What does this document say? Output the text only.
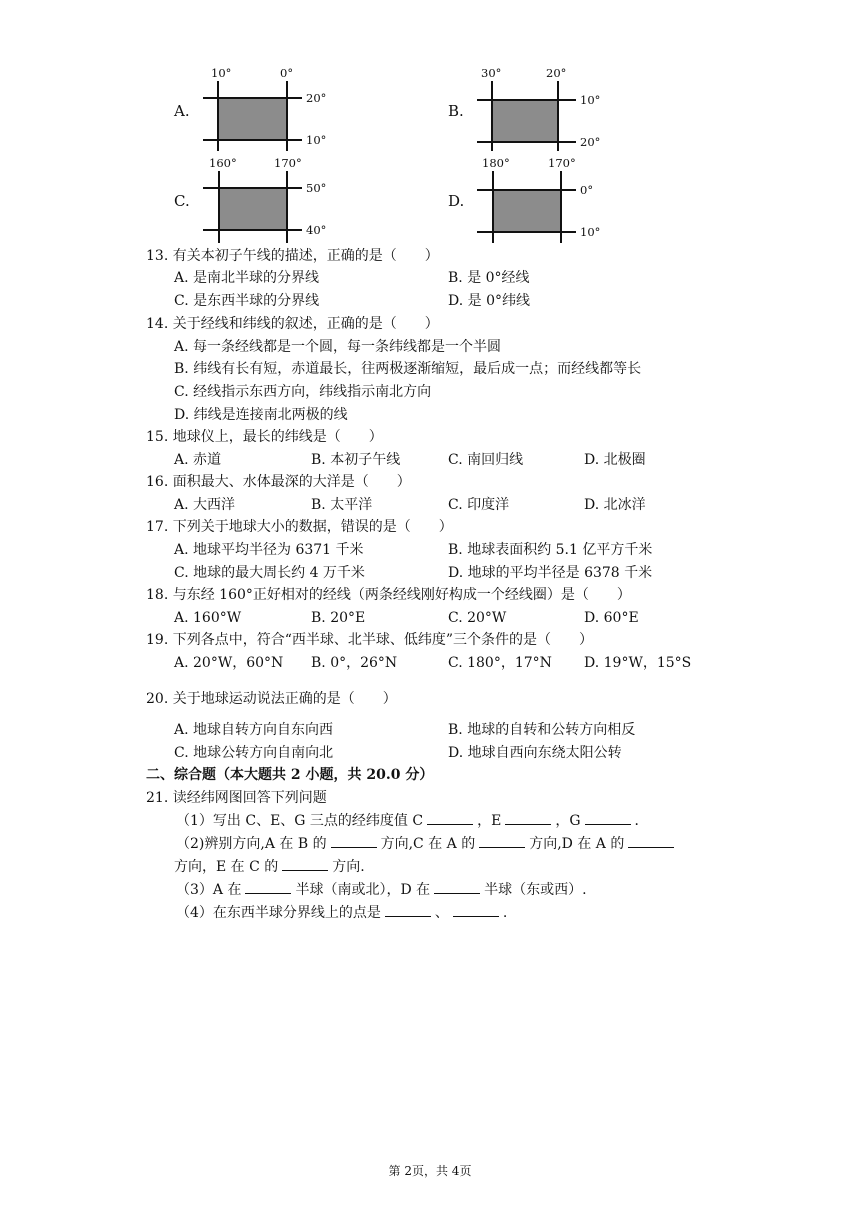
A.
10°	0°
20°
10°
B.
30°	20°
10°
20°
C.
160°	170°
50°
40°
D.
180°	170°
0°
10°
13. 有关本初子午线的描述，正确的是（　　）
A. 是南北半球的分界线	B. 是 0°经线
C. 是东西半球的分界线	D. 是 0°纬线
14. 关于经线和纬线的叙述，正确的是（　　）
A. 每一条经线都是一个圆，每一条纬线都是一个半圆
B. 纬线有长有短，赤道最长，往两极逐渐缩短，最后成一点；而经线都等长
C. 经线指示东西方向，纬线指示南北方向
D. 纬线是连接南北两极的线
15. 地球仪上，最长的纬线是（　　）
A. 赤道	B. 本初子午线	C. 南回归线	D. 北极圈
16. 面积最大、水体最深的大洋是（　　）
A. 大西洋	B. 太平洋	C. 印度洋	D. 北冰洋
17. 下列关于地球大小的数据，错误的是（　　）
A. 地球平均半径为 6371 千米	B. 地球表面积约 5.1 亿平方千米
C. 地球的最大周长约 4 万千米	D. 地球的平均半径是 6378 千米
18. 与东经 160°正好相对的经线（两条经线刚好构成一个经线圈）是（　　）
A. 160°W	B. 20°E	C. 20°W	D. 60°E
19. 下列各点中，符合“西半球、北半球、低纬度”三个条件的是（　　）
A. 20°W，60°N B. 0°，26°N	C. 180°，17°N D. 19°W，15°S
20. 关于地球运动说法正确的是（　　）
A. 地球自转方向自东向西	B. 地球的自转和公转方向相反
C. 地球公转方向自南向北	D. 地球自西向东绕太阳公转
二、综合题（本大题共 2 小题，共 20.0 分）
21. 读经纬网图回答下列问题
（1）写出 C、E、G 三点的经纬度值 C	，E	，G	．
（2)辨别方向,A 在 B 的	方向,C 在 A 的	方向,D 在 A 的
方向，E 在 C 的	方向.
（3）A 在	半球（南或北），D 在	半球（东或西）.
（4）在东西半球分界线上的点是	、	.
第 2页，共 4页
